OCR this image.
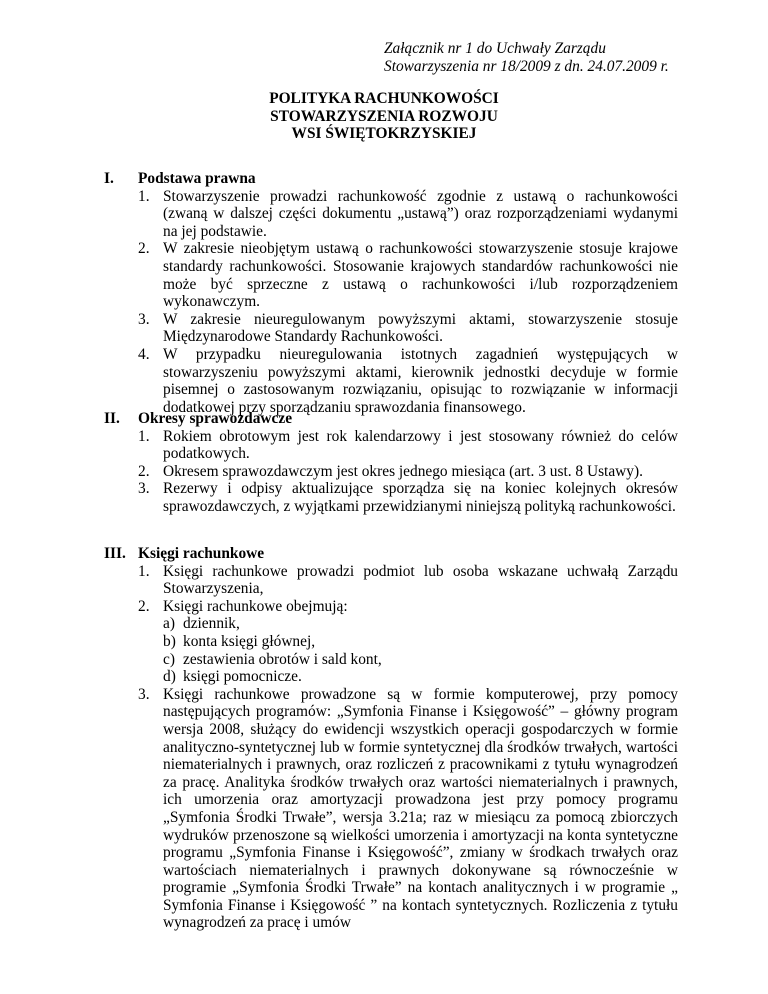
Załącznik nr 1 do Uchwały Zarządu
Stowarzyszenia nr 18/2009 z dn. 24.07.2009 r.
POLITYKA RACHUNKOWOŚCI
STOWARZYSZENIA ROZWOJU
WSI ŚWIĘTOKRZYSKIEJ
I. Podstawa prawna
1. Stowarzyszenie prowadzi rachunkowość zgodnie z ustawą o rachunkowości (zwaną w dalszej części dokumentu „ustawą”) oraz rozporządzeniami wydanymi na jej podstawie.
2. W zakresie nieobjętym ustawą o rachunkowości stowarzyszenie stosuje krajowe standardy rachunkowości. Stosowanie krajowych standardów rachunkowości nie może być sprzeczne z ustawą o rachunkowości i/lub rozporządzeniem wykonawczym.
3. W zakresie nieuregulowanym powyższymi aktami, stowarzyszenie stosuje Międzynarodowe Standardy Rachunkowości.
4. W przypadku nieuregulowania istotnych zagadnień występujących w stowarzyszeniu powyższymi aktami, kierownik jednostki decyduje w formie pisemnej o zastosowanym rozwiązaniu, opisując to rozwiązanie w informacji dodatkowej przy sporządzaniu sprawozdania finansowego.
II. Okresy sprawozdawcze
1. Rokiem obrotowym jest rok kalendarzowy i jest stosowany również do celów podatkowych.
2. Okresem sprawozdawczym jest okres jednego miesiąca (art. 3 ust. 8 Ustawy).
3. Rezerwy i odpisy aktualizujące sporządza się na koniec kolejnych okresów sprawozdawczych, z wyjątkami przewidzianymi niniejszą polityką rachunkowości.
III. Księgi rachunkowe
1. Księgi rachunkowe prowadzi podmiot lub osoba wskazane uchwałą Zarządu Stowarzyszenia,
2. Księgi rachunkowe obejmują:
a) dziennik,
b) konta księgi głównej,
c) zestawienia obrotów i sald kont,
d) księgi pomocnicze.
3. Księgi rachunkowe prowadzone są w formie komputerowej, przy pomocy następujących programów: „Symfonia Finanse i Księgowość” – główny program wersja 2008, służący do ewidencji wszystkich operacji gospodarczych w formie analityczno-syntetycznej lub w formie syntetycznej dla środków trwałych, wartości niematerialnych i prawnych, oraz rozliczeń z pracownikami z tytułu wynagrodzeń za pracę. Analityka środków trwałych oraz wartości niematerialnych i prawnych, ich umorzenia oraz amortyzacji prowadzona jest przy pomocy programu „Symfonia Środki Trwałe”, wersja 3.21a; raz w miesiącu za pomocą zbiorczych wydruków przenoszone są wielkości umorzenia i amortyzacji na konta syntetyczne programu „Symfonia Finanse i Księgowość”, zmiany w środkach trwałych oraz wartościach niematerialnych i prawnych dokonywane są równocześnie w programie „Symfonia Środki Trwałe” na kontach analitycznych i w programie „ Symfonia Finanse i Księgowość ” na kontach syntetycznych. Rozliczenia z tytułu wynagrodzeń za pracę i umów
